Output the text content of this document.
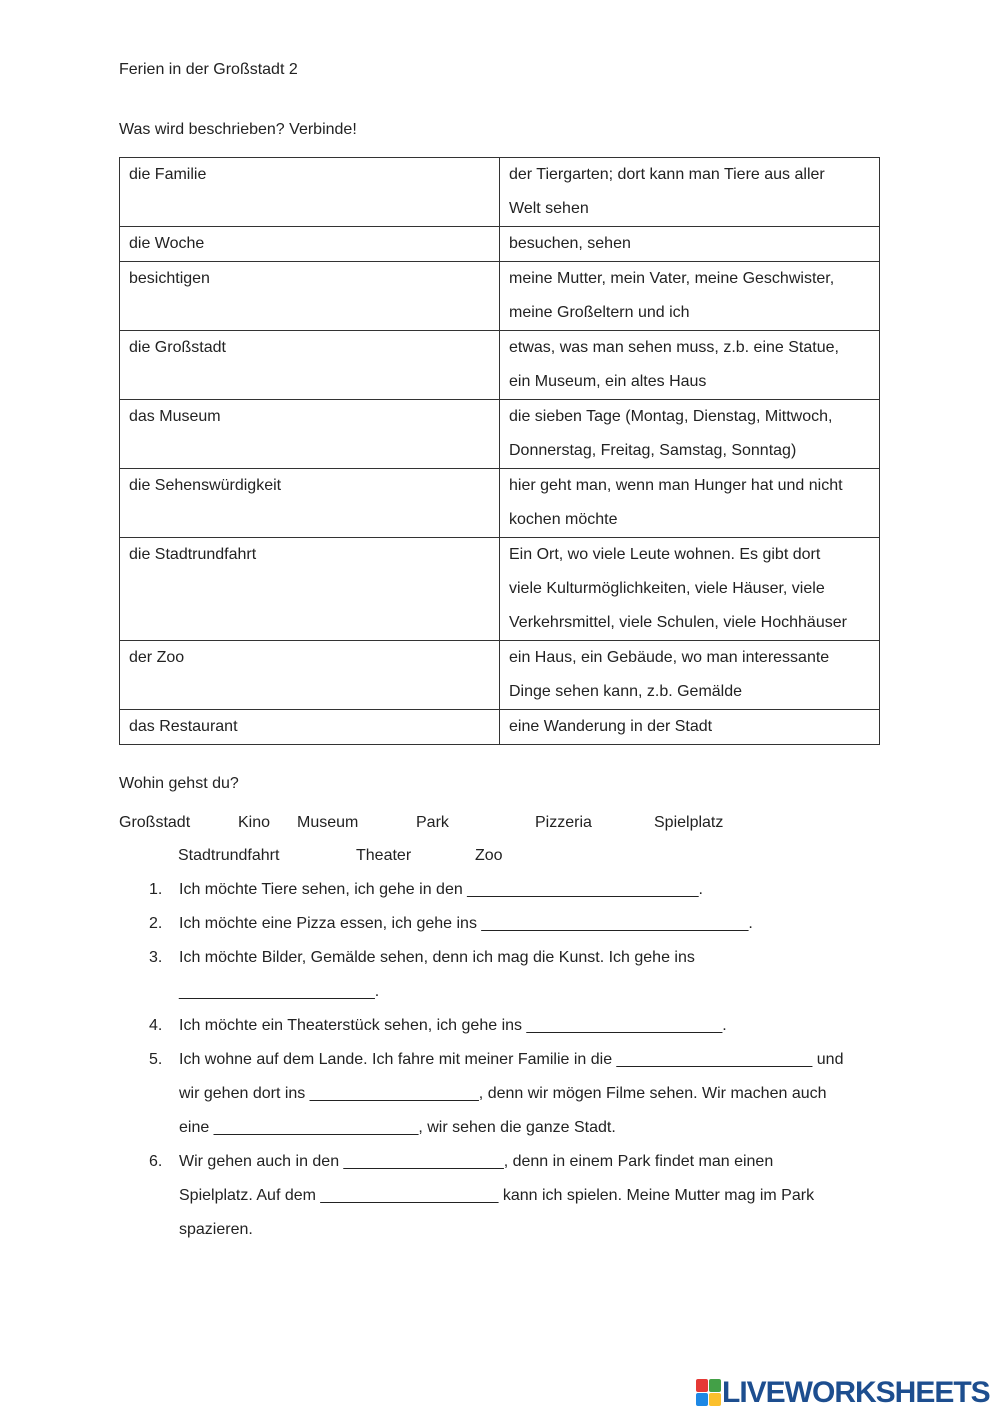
Ferien in der Großstadt 2
Was wird beschrieben? Verbinde!
die Familie	der Tiergarten; dort kann man Tiere aus aller
Welt sehen

die Woche	besuchen, sehen

besichtigen	meine Mutter, mein Vater, meine Geschwister,
meine Großeltern und ich

die Großstadt	etwas, was man sehen muss, z.b. eine Statue,
ein Museum, ein altes Haus

das Museum	die sieben Tage (Montag, Dienstag, Mittwoch,
Donnerstag, Freitag, Samstag, Sonntag)

die Sehenswürdigkeit	hier geht man, wenn man Hunger hat und nicht
kochen möchte

die Stadtrundfahrt	Ein Ort, wo viele Leute wohnen. Es gibt dort
viele Kulturmöglichkeiten, viele Häuser, viele
Verkehrsmittel, viele Schulen, viele Hochhäuser

der Zoo	ein Haus, ein Gebäude, wo man interessante
Dinge sehen kann, z.b. Gemälde

das Restaurant	eine Wanderung in der Stadt
Wohin gehst du?
Großstadt	Kino Museum	Park	Pizzeria	Spielplatz
Stadtrundfahrt	Theater	Zoo
1. Ich möchte Tiere sehen, ich gehe in den __________________________.
2. Ich möchte eine Pizza essen, ich gehe ins ______________________________.
3. Ich möchte Bilder, Gemälde sehen, denn ich mag die Kunst. Ich gehe ins
______________________.
4. Ich möchte ein Theaterstück sehen, ich gehe ins ______________________.
5. Ich wohne auf dem Lande. Ich fahre mit meiner Familie in die ______________________ und
wir gehen dort ins ___________________, denn wir mögen Filme sehen. Wir machen auch
eine _______________________, wir sehen die ganze Stadt.
6. Wir gehen auch in den __________________, denn in einem Park findet man einen
Spielplatz. Auf dem ____________________ kann ich spielen. Meine Mutter mag im Park
spazieren.
LIVEWORKSHEETS
